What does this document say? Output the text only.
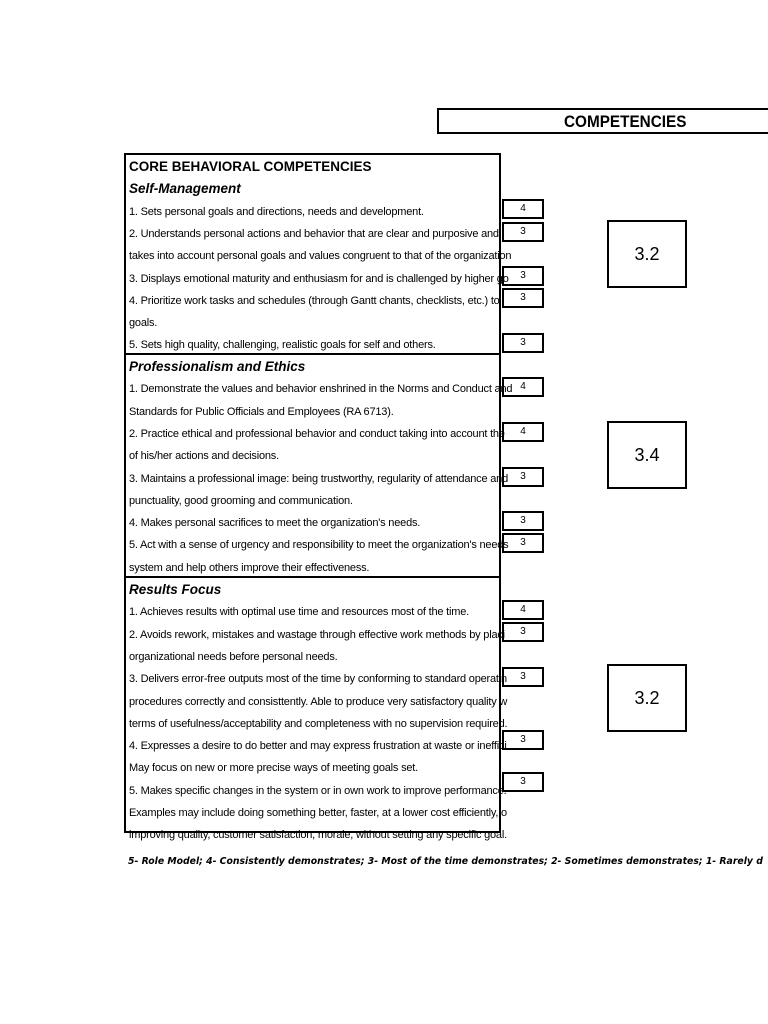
COMPETENCIES
CORE BEHAVIORAL COMPETENCIES
Self-Management
1. Sets personal goals and directions, needs and development.
2. Understands personal actions and behavior that are clear and purposive and
takes into account personal goals and values congruent to that of the organization
3. Displays emotional maturity and enthusiasm for and is challenged by higher go
4. Prioritize work tasks and schedules (through Gantt chants, checklists, etc.) to
goals.
5. Sets high quality, challenging, realistic goals for self and others.
Professionalism and Ethics
1. Demonstrate the values and behavior enshrined in the Norms and Conduct and
Standards for Public Officials and Employees (RA 6713).
2. Practice ethical and professional behavior and conduct taking into account the
of his/her actions and decisions.
3. Maintains a professional image: being trustworthy, regularity of attendance and
punctuality, good grooming and communication.
4. Makes personal sacrifices to meet the organization's needs.
5. Act with a sense of urgency and responsibility to meet the organization's needs
system and help others improve their effectiveness.
Results Focus
1. Achieves results with optimal use time and resources most of the time.
2. Avoids rework, mistakes and wastage through effective work methods by placi
organizational needs before personal needs.
3. Delivers error-free outputs most of the time by conforming to standard operatin
procedures correctly and consisttently. Able to produce very satisfactory quality w
terms of usefulness/acceptability and completeness with no supervision required.
4. Expresses a desire to do better and may express frustration at waste or ineffici
May focus on new or more precise ways of meeting goals set.
5. Makes specific changes in the system or in own work to improve performance.
Examples may include doing something better, faster, at a lower cost efficiently, o
improving quality, customer satisfaction, morale, without setting any specific goal.
4
3
3
3
3
4
4
3
3
3
4
3
3
3
3
3.2
3.4
3.2
5- Role Model; 4- Consistently demonstrates; 3- Most of the time demonstrates; 2- Sometimes demonstrates; 1- Rarely d
